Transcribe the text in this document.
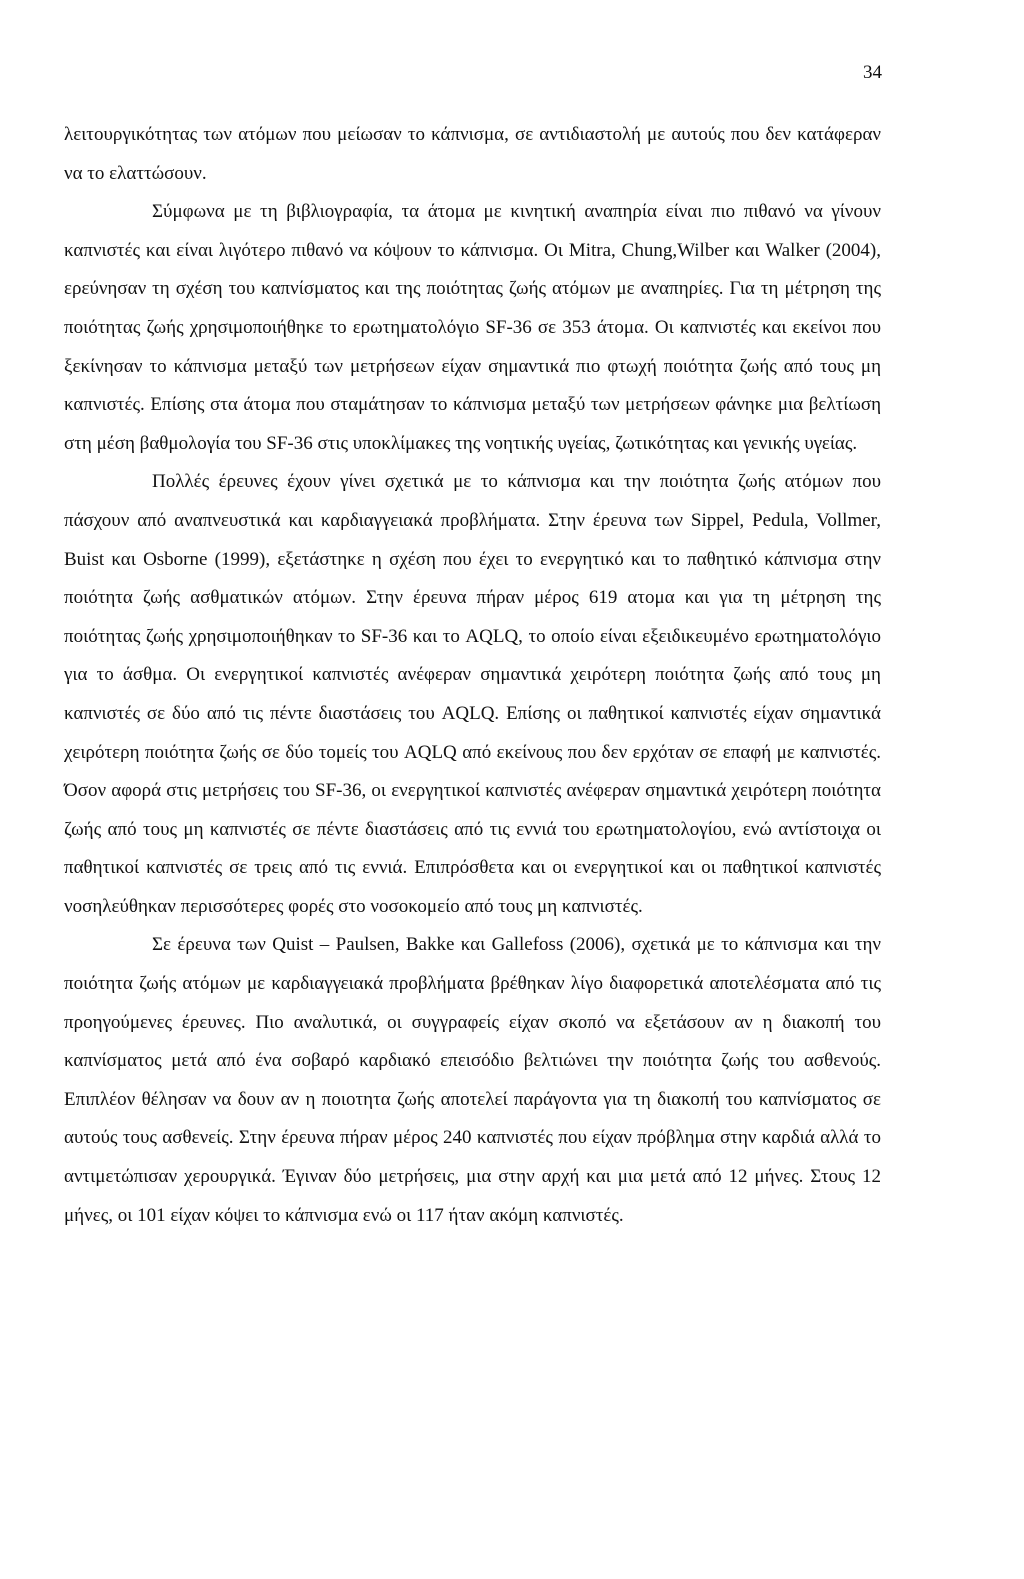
34

λειτουργικότητας των ατόμων που μείωσαν το κάπνισμα, σε αντιδιαστολή με αυτούς που δεν κατάφεραν να το ελαττώσουν.

Σύμφωνα με τη βιβλιογραφία, τα άτομα με κινητική αναπηρία είναι πιο πιθανό να γίνουν καπνιστές και είναι λιγότερο πιθανό να κόψουν το κάπνισμα. Οι Mitra, Chung,Wilber και Walker (2004), ερεύνησαν τη σχέση του καπνίσματος και της ποιότητας ζωής ατόμων με αναπηρίες. Για τη μέτρηση της ποιότητας ζωής χρησιμοποιήθηκε το ερωτηματολόγιο SF-36 σε 353 άτομα. Οι καπνιστές και εκείνοι που ξεκίνησαν το κάπνισμα μεταξύ των μετρήσεων είχαν σημαντικά πιο φτωχή ποιότητα ζωής από τους μη καπνιστές. Επίσης στα άτομα που σταμάτησαν το κάπνισμα μεταξύ των μετρήσεων φάνηκε μια βελτίωση στη μέση βαθμολογία του SF-36 στις υποκλίμακες της νοητικής υγείας, ζωτικότητας και γενικής υγείας.

Πολλές έρευνες έχουν γίνει σχετικά με το κάπνισμα και την ποιότητα ζωής ατόμων που πάσχουν από αναπνευστικά και καρδιαγγειακά προβλήματα. Στην έρευνα των Sippel, Pedula, Vollmer, Buist και Osborne (1999), εξετάστηκε η σχέση που έχει το ενεργητικό και το παθητικό κάπνισμα στην ποιότητα ζωής ασθματικών ατόμων. Στην έρευνα πήραν μέρος 619 ατομα και για τη μέτρηση της ποιότητας ζωής χρησιμοποιήθηκαν το SF-36 και το AQLQ, το οποίο είναι εξειδικευμένο ερωτηματολόγιο για το άσθμα. Οι ενεργητικοί καπνιστές ανέφεραν σημαντικά χειρότερη ποιότητα ζωής από τους μη καπνιστές σε δύο από τις πέντε διαστάσεις του AQLQ. Επίσης οι παθητικοί καπνιστές είχαν σημαντικά χειρότερη ποιότητα ζωής σε δύο τομείς του AQLQ από εκείνους που δεν ερχόταν σε επαφή με καπνιστές. Όσον αφορά στις μετρήσεις του SF-36, οι ενεργητικοί καπνιστές ανέφεραν σημαντικά χειρότερη ποιότητα ζωής από τους μη καπνιστές σε πέντε διαστάσεις από τις εννιά του ερωτηματολογίου, ενώ αντίστοιχα οι παθητικοί καπνιστές σε τρεις από τις εννιά. Επιπρόσθετα και οι ενεργητικοί και οι παθητικοί καπνιστές νοσηλεύθηκαν περισσότερες φορές στο νοσοκομείο από τους μη καπνιστές.

Σε έρευνα των Quist – Paulsen, Bakke και Gallefoss (2006), σχετικά με το κάπνισμα και την ποιότητα ζωής ατόμων με καρδιαγγειακά προβλήματα βρέθηκαν λίγο διαφορετικά αποτελέσματα από τις προηγούμενες έρευνες. Πιο αναλυτικά, οι συγγραφείς είχαν σκοπό να εξετάσουν αν η διακοπή του καπνίσματος μετά από ένα σοβαρό καρδιακό επεισόδιο βελτιώνει την ποιότητα ζωής του ασθενούς. Επιπλέον θέλησαν να δουν αν η ποιοτητα ζωής αποτελεί παράγοντα για τη διακοπή του καπνίσματος σε αυτούς τους ασθενείς. Στην έρευνα πήραν μέρος 240 καπνιστές που είχαν πρόβλημα στην καρδιά αλλά το αντιμετώπισαν χερουργικά. Έγιναν δύο μετρήσεις, μια στην αρχή και μια μετά από 12 μήνες. Στους 12 μήνες, οι 101 είχαν κόψει το κάπνισμα ενώ οι 117 ήταν ακόμη καπνιστές.
